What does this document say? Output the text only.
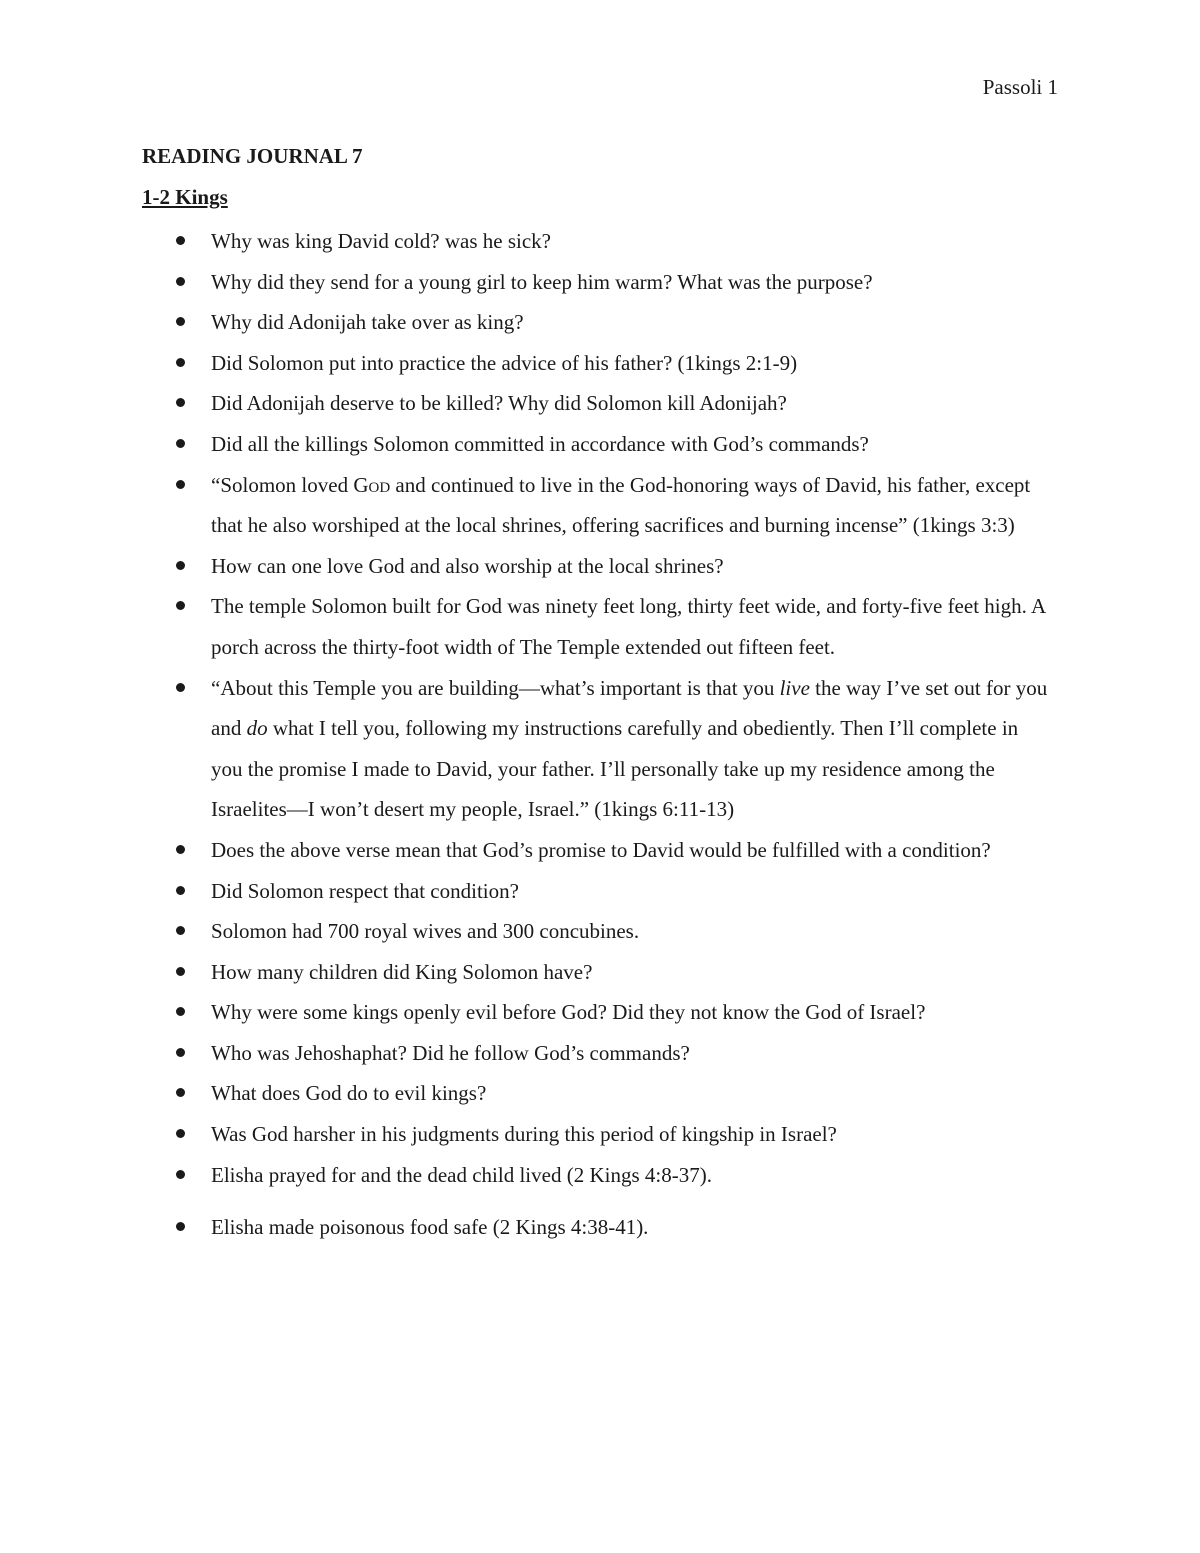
Passoli 1
READING JOURNAL 7
1-2 Kings
Why was king David cold? was he sick?
Why did they send for a young girl to keep him warm? What was the purpose?
Why did Adonijah take over as king?
Did Solomon put into practice the advice of his father? (1kings 2:1-9)
Did Adonijah deserve to be killed? Why did Solomon kill Adonijah?
Did all the killings Solomon committed in accordance with God’s commands?
“Solomon loved God and continued to live in the God-honoring ways of David, his father, except that he also worshiped at the local shrines, offering sacrifices and burning incense” (1kings 3:3)
How can one love God and also worship at the local shrines?
The temple Solomon built for God was ninety feet long, thirty feet wide, and forty-five feet high. A porch across the thirty-foot width of The Temple extended out fifteen feet.
“About this Temple you are building—what’s important is that you live the way I’ve set out for you and do what I tell you, following my instructions carefully and obediently. Then I’ll complete in you the promise I made to David, your father. I’ll personally take up my residence among the Israelites—I won’t desert my people, Israel.” (1kings 6:11-13)
Does the above verse mean that God’s promise to David would be fulfilled with a condition?
Did Solomon respect that condition?
Solomon had 700 royal wives and 300 concubines.
How many children did King Solomon have?
Why were some kings openly evil before God? Did they not know the God of Israel?
Who was Jehoshaphat? Did he follow God’s commands?
What does God do to evil kings?
Was God harsher in his judgments during this period of kingship in Israel?
Elisha prayed for and the dead child lived (2 Kings 4:8-37).
Elisha made poisonous food safe (2 Kings 4:38-41).
